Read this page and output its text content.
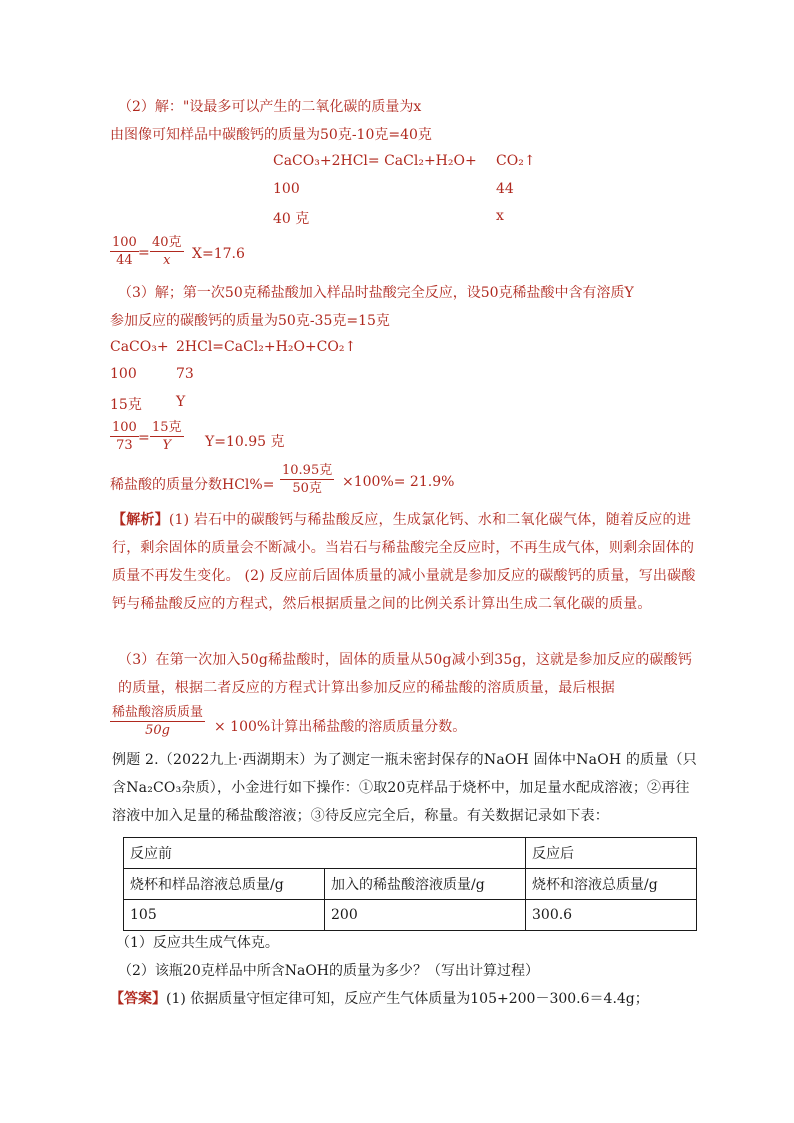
（2）解："设最多可以产生的二氧化碳的质量为x
由图像可知样品中碳酸钙的质量为50克-10克=40克
CaCO₃+2HCl= CaCl₂+H₂O+ CO₂↑
100	44
40 克	x
$\frac{100}{44}$ =
40克
x	X=17.6
（3）解；第一次50克稀盐酸加入样品时盐酸完全反应，设50克稀盐酸中含有溶质Y
参加反应的碳酸钙的质量为50克-35克=15克
CaCO₃+ 2HCl=CaCl₂+H₂O+CO₂↑
100	73
15克 Y
$\frac{100}{73}$ =
15克
Y	Y=10.95 克
稀盐酸的质量分数HCl%=
10.95克
50克	×100%= 21.9%
【解析】(1) 岩石中的碳酸钙与稀盐酸反应，生成氯化钙、水和二氧化碳气体，随着反应的进行，剩余固体的质量会不断减小。当岩石与稀盐酸完全反应时，不再生成气体，则剩余固体的质量不再发生变化。 (2) 反应前后固体质量的减小量就是参加反应的碳酸钙的质量，写出碳酸钙与稀盐酸反应的方程式，然后根据质量之间的比例关系计算出生成二氧化碳的质量。
（3）在第一次加入50g稀盐酸时，固体的质量从50g减小到35g，这就是参加反应的碳酸钙的质量，根据二者反应的方程式计算出参加反应的稀盐酸的溶质质量，最后根据
稀盐酸溶质质量
50g	× 100%计算出稀盐酸的溶质质量分数。
例题 2.（2022九上·西湖期末）为了测定一瓶未密封保存的NaOH 固体中NaOH 的质量（只含Na₂CO₃杂质），小金进行如下操作：①取20克样品于烧杯中，加足量水配成溶液；②再往溶液中加入足量的稀盐酸溶液；③待反应完全后，称量。有关数据记录如下表：
反应前		反应后
烧杯和样品溶液总质量/g	加入的稀盐酸溶液质量/g	烧杯和溶液总质量/g
105	200	300.6
（1）反应共生成气体克。
（2）该瓶20克样品中所含NaOH的质量为多少？（写出计算过程）
【答案】(1) 依据质量守恒定律可知，反应产生气体质量为105+200－300.6＝4.4g；
